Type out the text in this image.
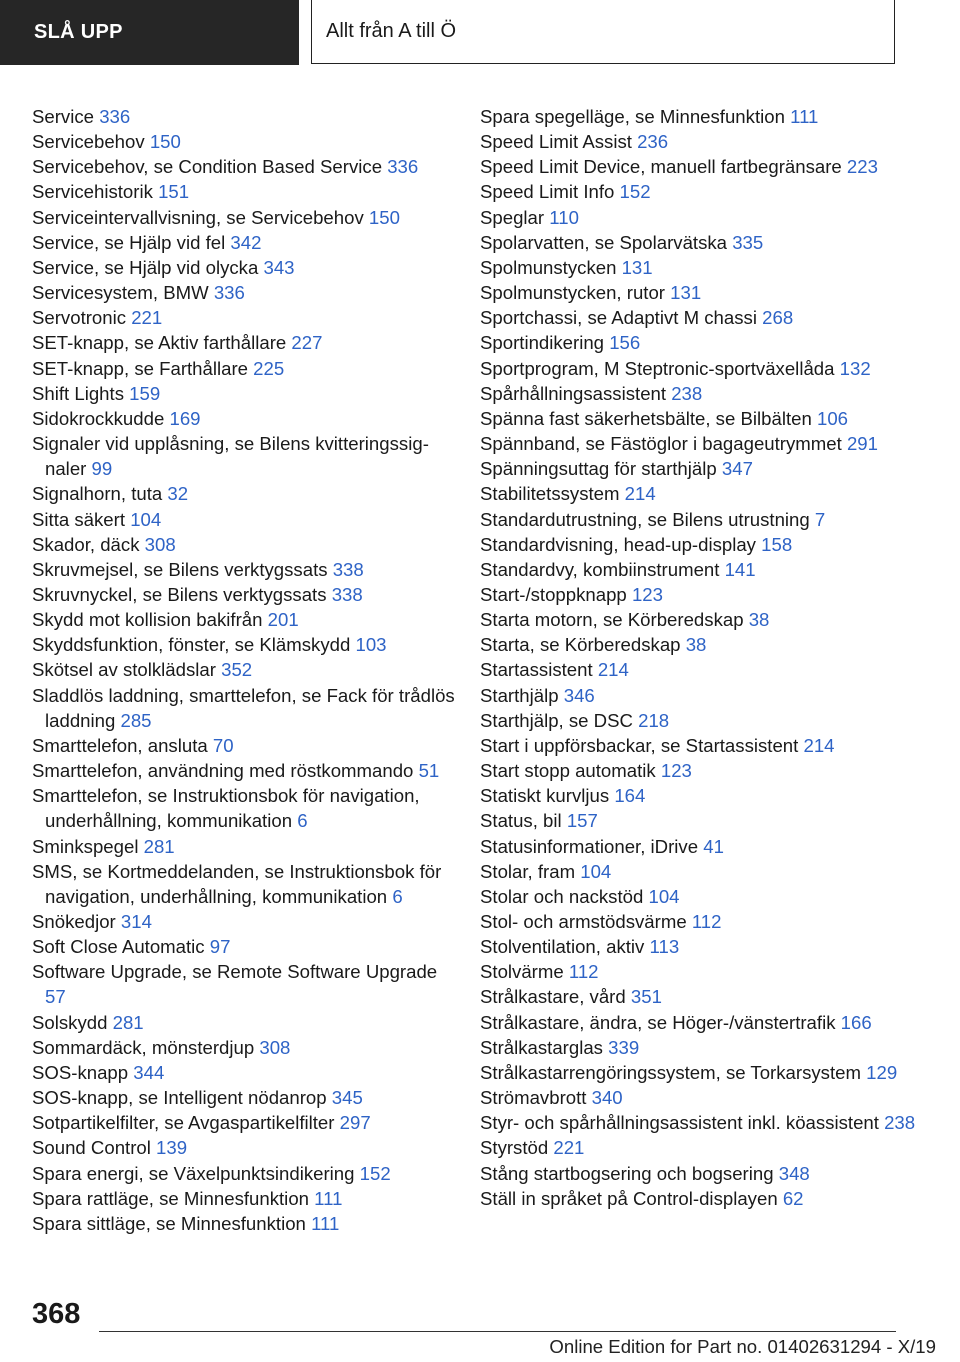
SLÅ UPP	Allt från A till Ö
Service 336
Servicebehov 150
Servicebehov, se Condition Based Service 336
Servicehistorik 151
Serviceintervallvisning, se Servicebehov 150
Service, se Hjälp vid fel 342
Service, se Hjälp vid olycka 343
Servicesystem, BMW 336
Servotronic 221
SET-knapp, se Aktiv farthållare 227
SET-knapp, se Farthållare 225
Shift Lights 159
Sidokrockkudde 169
Signaler vid upplåsning, se Bilens kvitteringssignaler 99
Signalhorn, tuta 32
Sitta säkert 104
Skador, däck 308
Skruvmejsel, se Bilens verktygssats 338
Skruvnyckel, se Bilens verktygssats 338
Skydd mot kollision bakifrån 201
Skyddsfunktion, fönster, se Klämskydd 103
Skötsel av stolklädslar 352
Sladdlös laddning, smarttelefon, se Fack för trådlös laddning 285
Smarttelefon, ansluta 70
Smarttelefon, användning med röstkommando 51
Smarttelefon, se Instruktionsbok för navigation, underhållning, kommunikation 6
Sminkspegel 281
SMS, se Kortmeddelanden, se Instruktionsbok för navigation, underhållning, kommunikation 6
Snökedjor 314
Soft Close Automatic 97
Software Upgrade, se Remote Software Upgrade 57
Solskydd 281
Sommardäck, mönsterdjup 308
SOS-knapp 344
SOS-knapp, se Intelligent nödanrop 345
Sotpartikelfilter, se Avgaspartikelfilter 297
Sound Control 139
Spara energi, se Växelpunktsindikering 152
Spara rattläge, se Minnesfunktion 111
Spara sittläge, se Minnesfunktion 111
Spara spegelläge, se Minnesfunktion 111
Speed Limit Assist 236
Speed Limit Device, manuell fartbegränsare 223
Speed Limit Info 152
Speglar 110
Spolarvatten, se Spolarvätska 335
Spolmunstycken 131
Spolmunstycken, rutor 131
Sportchassi, se Adaptivt M chassi 268
Sportindikering 156
Sportprogram, M Steptronic-sportväxellåda 132
Spårhållningsassistent 238
Spänna fast säkerhetsbälte, se Bilbälten 106
Spännband, se Fästöglor i bagageutrymmet 291
Spänningsuttag för starthjälp 347
Stabilitetssystem 214
Standardutrustning, se Bilens utrustning 7
Standardvisning, head-up-display 158
Standardvy, kombiinstrument 141
Start-/stoppknapp 123
Starta motorn, se Körberedskap 38
Starta, se Körberedskap 38
Startassistent 214
Starthjälp 346
Starthjälp, se DSC 218
Start i uppförsbackar, se Startassistent 214
Start stopp automatik 123
Statiskt kurvljus 164
Status, bil 157
Statusinformationer, iDrive 41
Stolar, fram 104
Stolar och nackstöd 104
Stol- och armstödsvärme 112
Stolventilation, aktiv 113
Stolvärme 112
Strålkastare, vård 351
Strålkastare, ändra, se Höger-/vänstertrafik 166
Strålkastarglas 339
Strålkastarrengöringssystem, se Torkarsystem 129
Strömavbrott 340
Styr- och spårhållningsassistent inkl. köassistent 238
Styrstöd 221
Stång startbogsering och bogsering 348
Ställ in språket på Control-displayen 62
368
Online Edition for Part no. 01402631294 - X/19
